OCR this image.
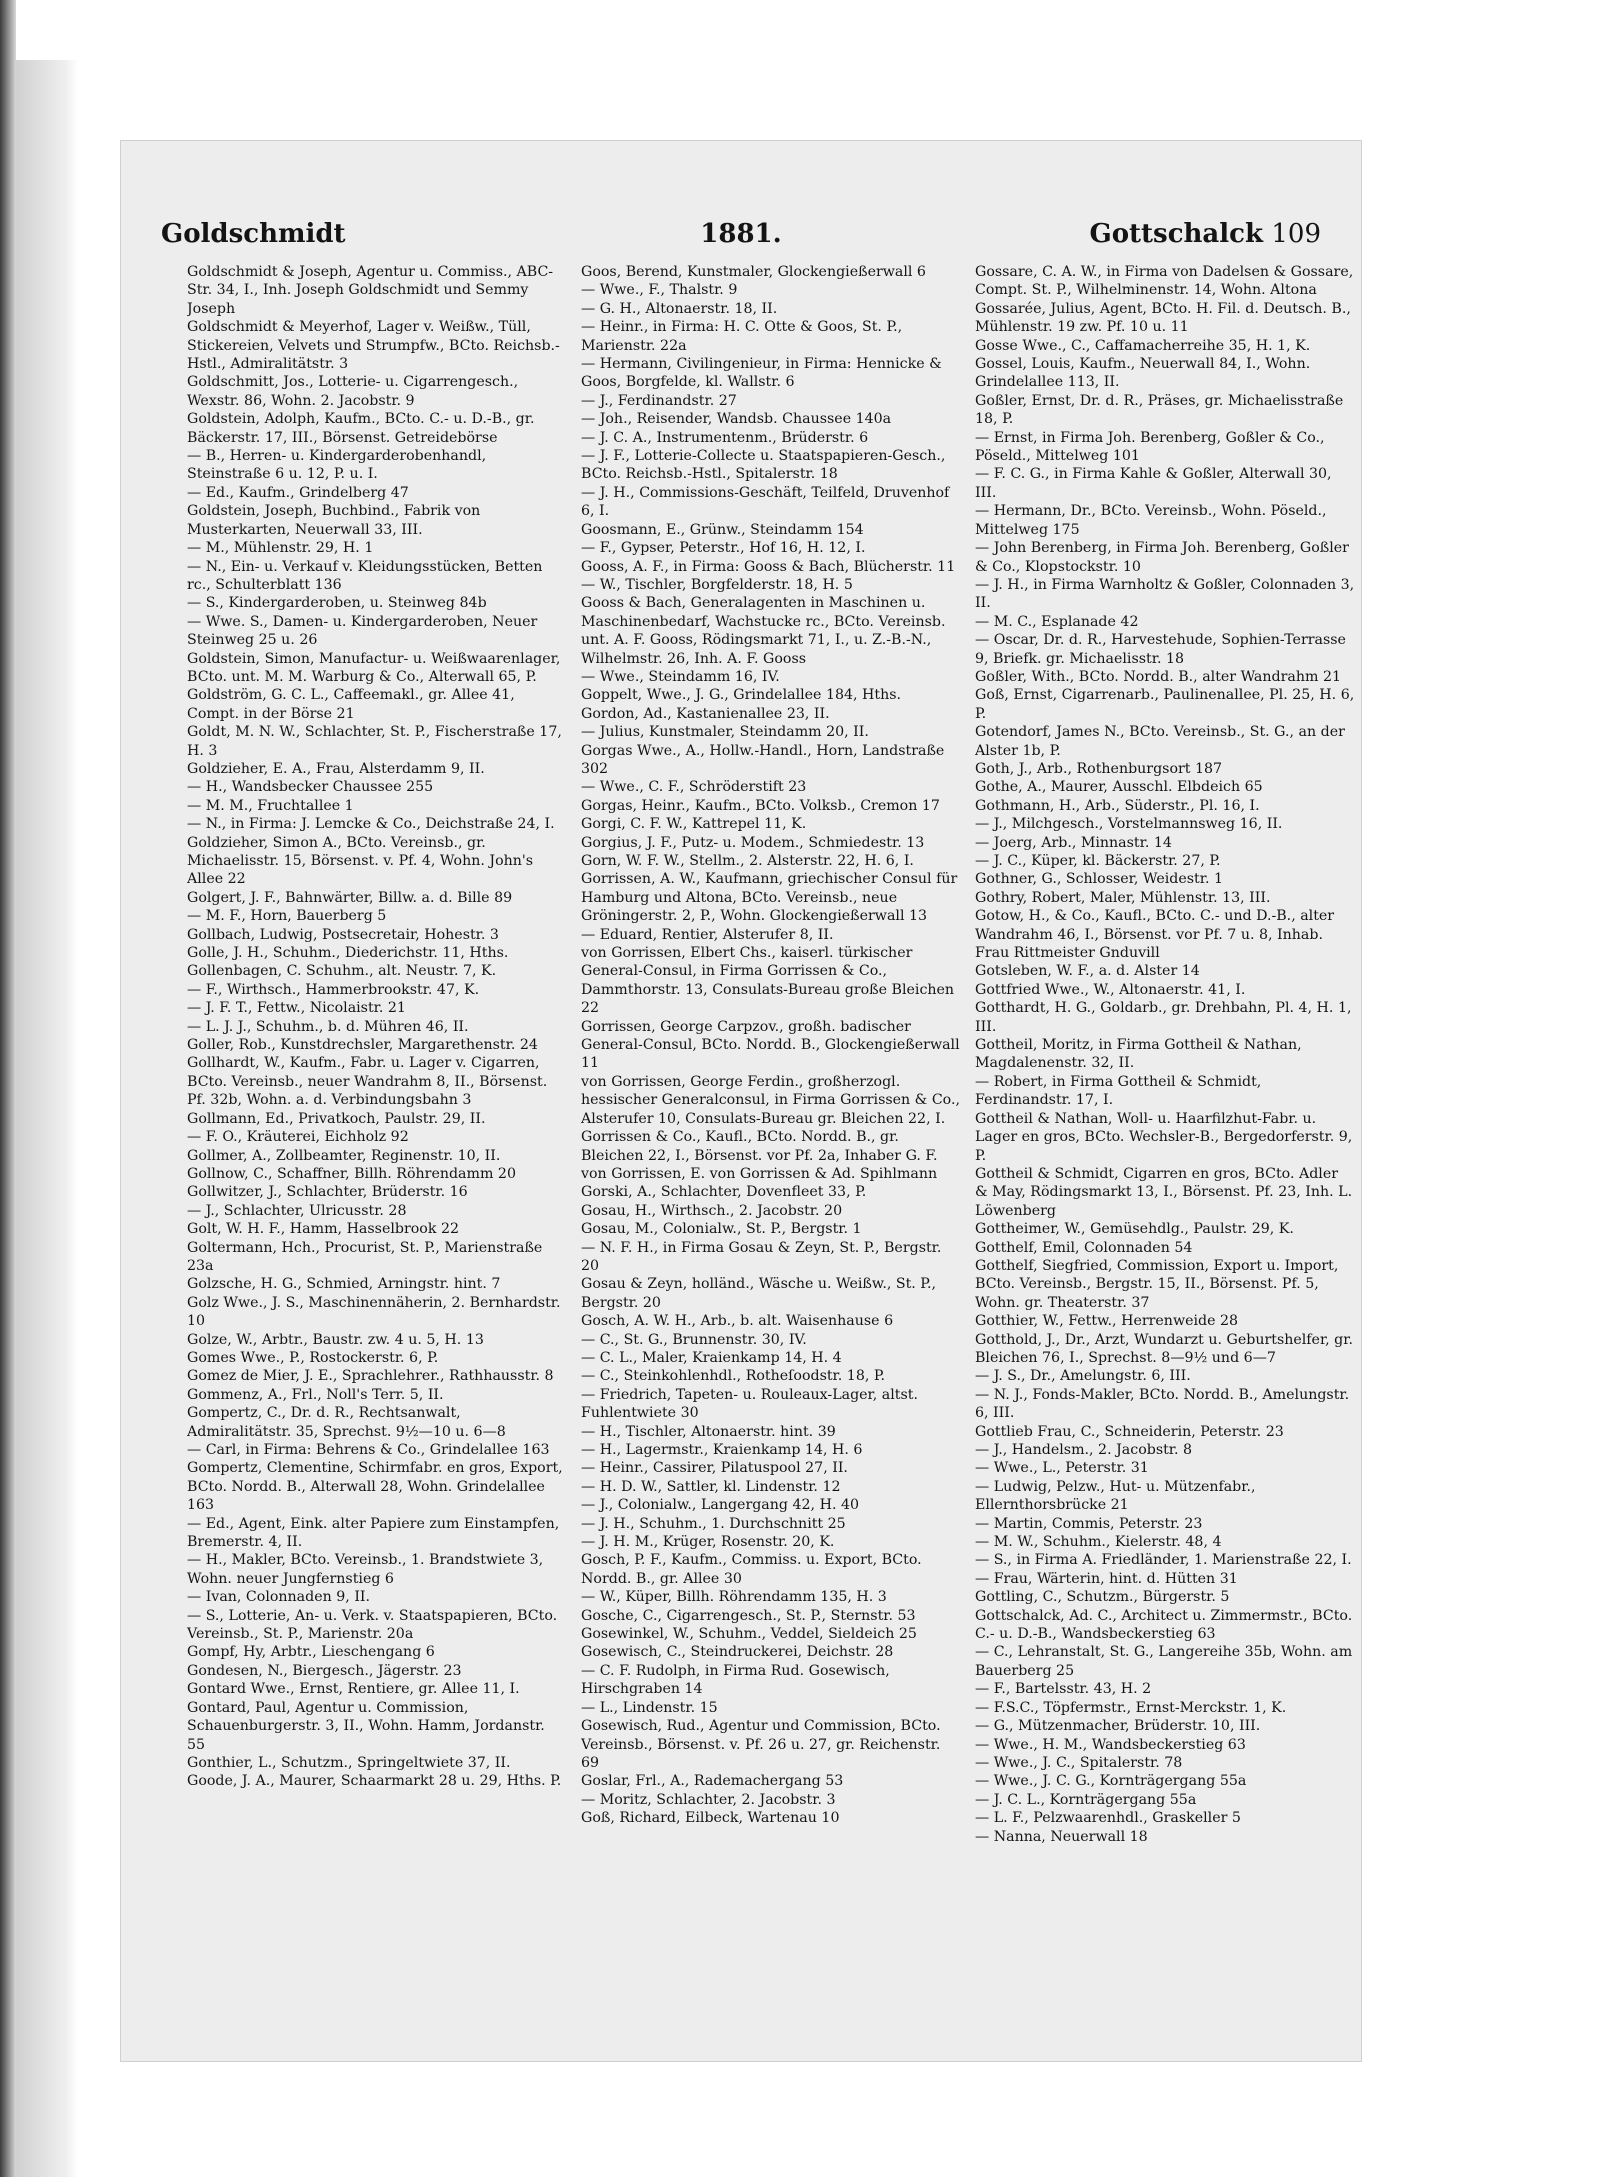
Goldschmidt	1881.	Gottschalck 109

Goldschmidt & Joseph, Agentur u. Commiss., ABC-Str. 34, I., Inh. Joseph Goldschmidt und Semmy Joseph

Goldschmidt & Meyerhof, Lager v. Weißw., Tüll, Stickereien, Velvets und Strumpfw., BCto. Reichsb.-Hstl., Admiralitätstr. 3

Goldschmitt, Jos., Lotterie- u. Cigarrengesch., Wexstr. 86, Wohn. 2. Jacobstr. 9

Goldstein, Adolph, Kaufm., BCto. C.- u. D.-B., gr. Bäckerstr. 17, III., Börsenst. Getreidebörse

— B., Herren- u. Kindergarderobenhandl, Steinstraße 6 u. 12, P. u. I.

— Ed., Kaufm., Grindelberg 47

Goldstein, Joseph, Buchbind., Fabrik von Musterkarten, Neuerwall 33, III.

— M., Mühlenstr. 29, H. 1

— N., Ein- u. Verkauf v. Kleidungsstücken, Betten rc., Schulterblatt 136

— S., Kindergarderoben, u. Steinweg 84b

— Wwe. S., Damen- u. Kindergarderoben, Neuer Steinweg 25 u. 26

Goldstein, Simon, Manufactur- u. Weißwaarenlager, BCto. unt. M. M. Warburg & Co., Alterwall 65, P.

Goldström, G. C. L., Caffeemakl., gr. Allee 41, Compt. in der Börse 21

Goldt, M. N. W., Schlachter, St. P., Fischerstraße 17, H. 3

Goldzieher, E. A., Frau, Alsterdamm 9, II.

— H., Wandsbecker Chaussee 255

— M. M., Fruchtallee 1

— N., in Firma: J. Lemcke & Co., Deichstraße 24, I.

Goldzieher, Simon A., BCto. Vereinsb., gr. Michaelisstr. 15, Börsenst. v. Pf. 4, Wohn. John's Allee 22

Golgert, J. F., Bahnwärter, Billw. a. d. Bille 89

— M. F., Horn, Bauerberg 5

Gollbach, Ludwig, Postsecretair, Hohestr. 3

Golle, J. H., Schuhm., Diederichstr. 11, Hths.

Gollenbagen, C. Schuhm., alt. Neustr. 7, K.

— F., Wirthsch., Hammerbrookstr. 47, K.

— J. F. T., Fettw., Nicolaistr. 21

— L. J. J., Schuhm., b. d. Mühren 46, II.

Goller, Rob., Kunstdrechsler, Margarethenstr. 24

Gollhardt, W., Kaufm., Fabr. u. Lager v. Cigarren, BCto. Vereinsb., neuer Wandrahm 8, II., Börsenst. Pf. 32b, Wohn. a. d. Verbindungsbahn 3

Gollmann, Ed., Privatkoch, Paulstr. 29, II.

— F. O., Kräuterei, Eichholz 92

Gollmer, A., Zollbeamter, Reginenstr. 10, II.

Gollnow, C., Schaffner, Billh. Röhrendamm 20

Gollwitzer, J., Schlachter, Brüderstr. 16

— J., Schlachter, Ulricusstr. 28

Golt, W. H. F., Hamm, Hasselbrook 22

Goltermann, Hch., Procurist, St. P., Marienstraße 23a

Golzsche, H. G., Schmied, Arningstr. hint. 7

Golz Wwe., J. S., Maschinennäherin, 2. Bernhardstr. 10

Golze, W., Arbtr., Baustr. zw. 4 u. 5, H. 13

Gomes Wwe., P., Rostockerstr. 6, P.

Gomez de Mier, J. E., Sprachlehrer., Rathhausstr. 8

Gommenz, A., Frl., Noll's Terr. 5, II.

Gompertz, C., Dr. d. R., Rechtsanwalt, Admiralitätstr. 35, Sprechst. 9½—10 u. 6—8

— Carl, in Firma: Behrens & Co., Grindelallee 163

Gompertz, Clementine, Schirmfabr. en gros, Export, BCto. Nordd. B., Alterwall 28, Wohn. Grindelallee 163

— Ed., Agent, Eink. alter Papiere zum Einstampfen, Bremerstr. 4, II.

— H., Makler, BCto. Vereinsb., 1. Brandstwiete 3, Wohn. neuer Jungfernstieg 6

— Ivan, Colonnaden 9, II.

— S., Lotterie, An- u. Verk. v. Staatspapieren, BCto. Vereinsb., St. P., Marienstr. 20a

Gompf, Hy, Arbtr., Lieschengang 6

Gondesen, N., Biergesch., Jägerstr. 23

Gontard Wwe., Ernst, Rentiere, gr. Allee 11, I.

Gontard, Paul, Agentur u. Commission, Schauenburgerstr. 3, II., Wohn. Hamm, Jordanstr. 55

Gonthier, L., Schutzm., Springeltwiete 37, II.

Goode, J. A., Maurer, Schaarmarkt 28 u. 29, Hths. P.

Goos, Berend, Kunstmaler, Glockengießerwall 6

— Wwe., F., Thalstr. 9

— G. H., Altonaerstr. 18, II.

— Heinr., in Firma: H. C. Otte & Goos, St. P., Marienstr. 22a

— Hermann, Civilingenieur, in Firma: Hennicke & Goos, Borgfelde, kl. Wallstr. 6

— J., Ferdinandstr. 27

— Joh., Reisender, Wandsb. Chaussee 140a

— J. C. A., Instrumentenm., Brüderstr. 6

— J. F., Lotterie-Collecte u. Staatspapieren-Gesch., BCto. Reichsb.-Hstl., Spitalerstr. 18

— J. H., Commissions-Geschäft, Teilfeld, Druvenhof 6, I.

Goosmann, E., Grünw., Steindamm 154

— F., Gypser, Peterstr., Hof 16, H. 12, I.

Gooss, A. F., in Firma: Gooss & Bach, Blücherstr. 11

— W., Tischler, Borgfelderstr. 18, H. 5

Gooss & Bach, Generalagenten in Maschinen u. Maschinenbedarf, Wachstucke rc., BCto. Vereinsb. unt. A. F. Gooss, Rödingsmarkt 71, I., u. Z.-B.-N., Wilhelmstr. 26, Inh. A. F. Gooss

— Wwe., Steindamm 16, IV.

Goppelt, Wwe., J. G., Grindelallee 184, Hths.

Gordon, Ad., Kastanienallee 23, II.

— Julius, Kunstmaler, Steindamm 20, II.

Gorgas Wwe., A., Hollw.-Handl., Horn, Landstraße 302

— Wwe., C. F., Schröderstift 23

Gorgas, Heinr., Kaufm., BCto. Volksb., Cremon 17

Gorgi, C. F. W., Kattrepel 11, K.

Gorgius, J. F., Putz- u. Modem., Schmiedestr. 13

Gorn, W. F. W., Stellm., 2. Alsterstr. 22, H. 6, I.

Gorrissen, A. W., Kaufmann, griechischer Consul für Hamburg und Altona, BCto. Vereinsb., neue Gröningerstr. 2, P., Wohn. Glockengießerwall 13

— Eduard, Rentier, Alsterufer 8, II.

von Gorrissen, Elbert Chs., kaiserl. türkischer General-Consul, in Firma Gorrissen & Co., Dammthorstr. 13, Consulats-Bureau große Bleichen 22

Gorrissen, George Carpzov., großh. badischer General-Consul, BCto. Nordd. B., Glockengießerwall 11

von Gorrissen, George Ferdin., großherzogl. hessischer Generalconsul, in Firma Gorrissen & Co., Alsterufer 10, Consulats-Bureau gr. Bleichen 22, I.

Gorrissen & Co., Kaufl., BCto. Nordd. B., gr. Bleichen 22, I., Börsenst. vor Pf. 2a, Inhaber G. F. von Gorrissen, E. von Gorrissen & Ad. Spihlmann

Gorski, A., Schlachter, Dovenfleet 33, P.

Gosau, H., Wirthsch., 2. Jacobstr. 20

Gosau, M., Colonialw., St. P., Bergstr. 1

— N. F. H., in Firma Gosau & Zeyn, St. P., Bergstr. 20

Gosau & Zeyn, holländ., Wäsche u. Weißw., St. P., Bergstr. 20

Gosch, A. W. H., Arb., b. alt. Waisenhause 6

— C., St. G., Brunnenstr. 30, IV.

— C. L., Maler, Kraienkamp 14, H. 4

— C., Steinkohlenhdl., Rotheſoodstr. 18, P.

— Friedrich, Tapeten- u. Rouleaux-Lager, altst. Fuhlentwiete 30

— H., Tischler, Altonaerstr. hint. 39

— H., Lagermstr., Kraienkamp 14, H. 6

— Heinr., Cassirer, Pilatuspool 27, II.

— H. D. W., Sattler, kl. Lindenstr. 12

— J., Colonialw., Langergang 42, H. 40

— J. H., Schuhm., 1. Durchschnitt 25

— J. H. M., Krüger, Rosenstr. 20, K.

Gosch, P. F., Kaufm., Commiss. u. Export, BCto. Nordd. B., gr. Allee 30

— W., Küper, Billh. Röhrendamm 135, H. 3

Gosche, C., Cigarrengesch., St. P., Sternstr. 53

Gosewinkel, W., Schuhm., Veddel, Sieldeich 25

Gosewisch, C., Steindruckerei, Deichstr. 28

— C. F. Rudolph, in Firma Rud. Gosewisch, Hirschgraben 14

— L., Lindenstr. 15

Gosewisch, Rud., Agentur und Commission, BCto. Vereinsb., Börsenst. v. Pf. 26 u. 27, gr. Reichenstr. 69

Goslar, Frl., A., Rademachergang 53

— Moritz, Schlachter, 2. Jacobstr. 3

Goß, Richard, Eilbeck, Wartenau 10

Gossare, C. A. W., in Firma von Dadelsen & Gossare, Compt. St. P., Wilhelminenstr. 14, Wohn. Altona

Gossarée, Julius, Agent, BCto. H. Fil. d. Deutsch. B., Mühlenstr. 19 zw. Pf. 10 u. 11

Gosse Wwe., C., Caffamacherreihe 35, H. 1, K.

Gossel, Louis, Kaufm., Neuerwall 84, I., Wohn. Grindelallee 113, II.

Goßler, Ernst, Dr. d. R., Präses, gr. Michaelisstraße 18, P.

— Ernst, in Firma Joh. Berenberg, Goßler & Co., Pöseld., Mittelweg 101

— F. C. G., in Firma Kahle & Goßler, Alterwall 30, III.

— Hermann, Dr., BCto. Vereinsb., Wohn. Pöseld., Mittelweg 175

— John Berenberg, in Firma Joh. Berenberg, Goßler & Co., Klopstockstr. 10

— J. H., in Firma Warnholtz & Goßler, Colonnaden 3, II.

— M. C., Esplanade 42

— Oscar, Dr. d. R., Harvestehude, Sophien-Terrasse 9, Briefk. gr. Michaelisstr. 18

Goßler, With., BCto. Nordd. B., alter Wandrahm 21

Goß, Ernst, Cigarrenarb., Paulinenallee, Pl. 25, H. 6, P.

Gotendorf, James N., BCto. Vereinsb., St. G., an der Alster 1b, P.

Goth, J., Arb., Rothenburgsort 187

Gothe, A., Maurer, Ausschl. Elbdeich 65

Gothmann, H., Arb., Süderstr., Pl. 16, I.

— J., Milchgesch., Vorstelmannsweg 16, II.

— Joerg, Arb., Minnastr. 14

— J. C., Küper, kl. Bäckerstr. 27, P.

Gothner, G., Schlosser, Weidestr. 1

Gothry, Robert, Maler, Mühlenstr. 13, III.

Gotow, H., & Co., Kaufl., BCto. C.- und D.-B., alter Wandrahm 46, I., Börsenst. vor Pf. 7 u. 8, Inhab. Frau Rittmeister Gnduvill

Gotsleben, W. F., a. d. Alster 14

Gottfried Wwe., W., Altonaerstr. 41, I.

Gotthardt, H. G., Goldarb., gr. Drehbahn, Pl. 4, H. 1, III.

Gottheil, Moritz, in Firma Gottheil & Nathan, Magdalenenstr. 32, II.

— Robert, in Firma Gottheil & Schmidt, Ferdinandstr. 17, I.

Gottheil & Nathan, Woll- u. Haarfilzhut-Fabr. u. Lager en gros, BCto. Wechsler-B., Bergedorferstr. 9, P.

Gottheil & Schmidt, Cigarren en gros, BCto. Adler & May, Rödingsmarkt 13, I., Börsenst. Pf. 23, Inh. L. Löwenberg

Gottheimer, W., Gemüsehdlg., Paulstr. 29, K.

Gotthelf, Emil, Colonnaden 54

Gotthelf, Siegfried, Commission, Export u. Import, BCto. Vereinsb., Bergstr. 15, II., Börsenst. Pf. 5, Wohn. gr. Theaterstr. 37

Gotthier, W., Fettw., Herrenweide 28

Gotthold, J., Dr., Arzt, Wundarzt u. Geburtshelfer, gr. Bleichen 76, I., Sprechst. 8—9½ und 6—7

— J. S., Dr., Amelungstr. 6, III.

— N. J., Fonds-Makler, BCto. Nordd. B., Amelungstr. 6, III.

Gottlieb Frau, C., Schneiderin, Peterstr. 23

— J., Handelsm., 2. Jacobstr. 8

— Wwe., L., Peterstr. 31

— Ludwig, Pelzw., Hut- u. Mützenfabr., Ellernthorsbrücke 21

— Martin, Commis, Peterstr. 23

— M. W., Schuhm., Kielerstr. 48, 4

— S., in Firma A. Friedländer, 1. Marienstraße 22, I.

— Frau, Wärterin, hint. d. Hütten 31

Gottling, C., Schutzm., Bürgerstr. 5

Gottschalck, Ad. C., Architect u. Zimmermstr., BCto. C.- u. D.-B., Wandsbeckerstieg 63

— C., Lehranstalt, St. G., Langereihe 35b, Wohn. am Bauerberg 25

— F., Bartelsstr. 43, H. 2

— F.S.C., Töpfermstr., Ernst-Merckstr. 1, K.

— G., Mützenmacher, Brüderstr. 10, III.

— Wwe., H. M., Wandsbeckerstieg 63

— Wwe., J. C., Spitalerstr. 78

— Wwe., J. C. G., Kornträgergang 55a

— J. C. L., Kornträgergang 55a

— L. F., Pelzwaarenhdl., Graskeller 5

— Nanna, Neuerwall 18
